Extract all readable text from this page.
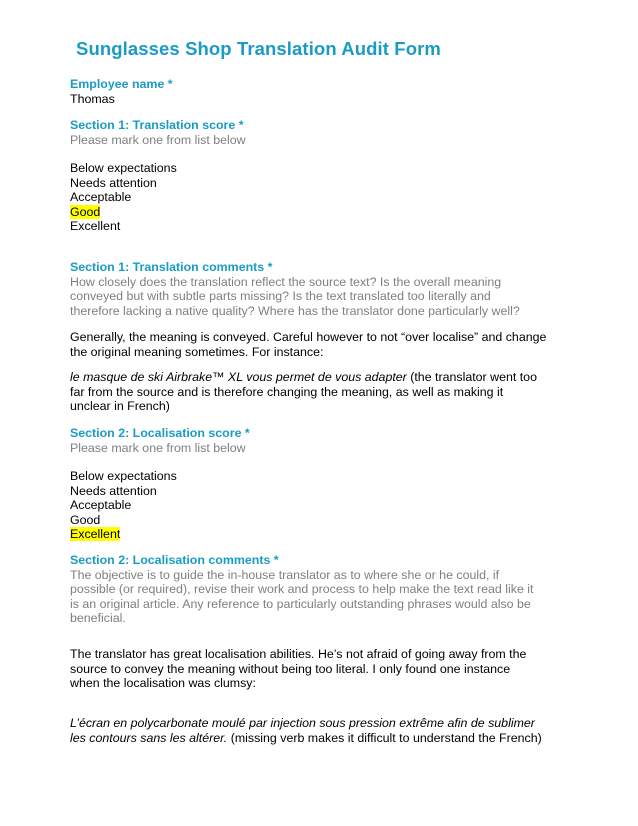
Sunglasses Shop Translation Audit Form
Employee name *
Thomas
Section 1: Translation score *
Please mark one from list below
Below expectations
Needs attention
Acceptable
Good
Excellent
Section 1: Translation comments *
How closely does the translation reflect the source text? Is the overall meaning
conveyed but with subtle parts missing? Is the text translated too literally and
therefore lacking a native quality? Where has the translator done particularly well?
Generally, the meaning is conveyed. Careful however to not “over localise” and change
the original meaning sometimes. For instance:
le masque de ski Airbrake™ XL vous permet de vous adapter (the translator went too
far from the source and is therefore changing the meaning, as well as making it
unclear in French)
Section 2: Localisation score *
Please mark one from list below
Below expectations
Needs attention
Acceptable
Good
Excellent
Section 2: Localisation comments *
The objective is to guide the in-house translator as to where she or he could, if
possible (or required), revise their work and process to help make the text read like it
is an original article. Any reference to particularly outstanding phrases would also be
beneficial.
The translator has great localisation abilities. He’s not afraid of going away from the
source to convey the meaning without being too literal. I only found one instance
when the localisation was clumsy:
L’écran en polycarbonate moulé par injection sous pression extrême afin de sublimer
les contours sans les altérer. (missing verb makes it difficult to understand the French)
